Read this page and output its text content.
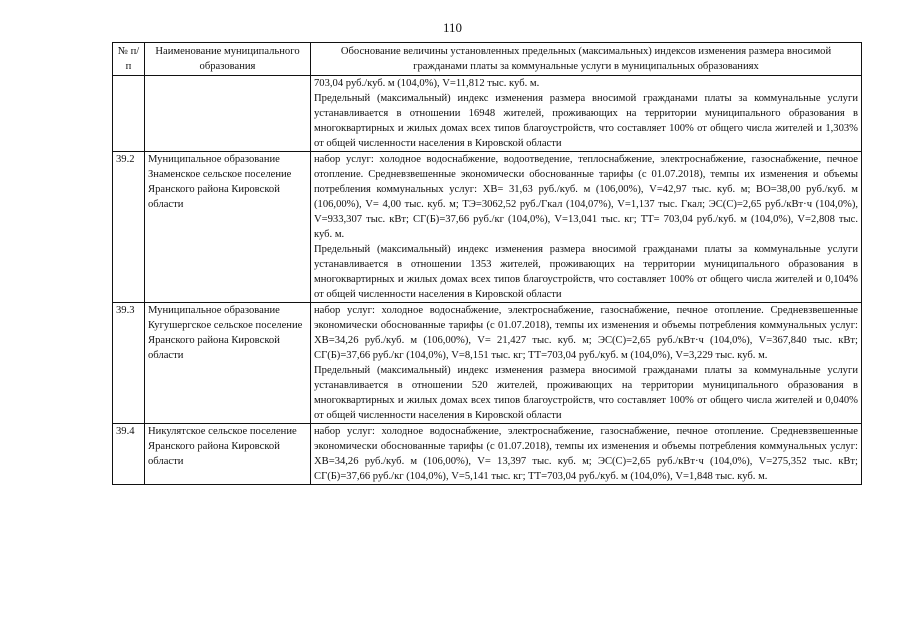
110
№ п/п	Наименование муниципального образования	Обоснование величины установленных предельных (максимальных) индексов изменения размера вносимой гражданами платы за коммунальные услуги в муниципальных образованиях

		703,04 руб./куб. м (104,0%), V=11,812 тыс. куб. м.
Предельный (максимальный) индекс изменения размера вносимой гражданами платы за коммунальные услуги устанавливается в отношении 16948 жителей, проживающих на территории муниципального образования в многоквартирных и жилых домах всех типов благоустройств, что составляет 100% от общего числа жителей и 1,303% от общей численности населения в Кировской области

39.2	Муниципальное образование Знаменское сельское поселение Яранского района Кировской области	набор услуг: холодное водоснабжение, водоотведение, теплоснабжение, электроснабжение, газоснабжение, печное отопление. Средневзвешенные экономически обоснованные тарифы (с 01.07.2018), темпы их изменения и объемы потребления коммунальных услуг: ХВ= 31,63 руб./куб. м (106,00%), V=42,97 тыс. куб. м; ВО=38,00 руб./куб. м (106,00%), V= 4,00 тыс. куб. м; ТЭ=3062,52 руб./Гкал (104,07%), V=1,137 тыс. Гкал; ЭС(С)=2,65 руб./кВт·ч (104,0%), V=933,307 тыс. кВт; СГ(Б)=37,66 руб./кг (104,0%), V=13,041 тыс. кг; ТТ= 703,04 руб./куб. м (104,0%), V=2,808 тыс. куб. м.
Предельный (максимальный) индекс изменения размера вносимой гражданами платы за коммунальные услуги устанавливается в отношении 1353 жителей, проживающих на территории муниципального образования в многоквартирных и жилых домах всех типов благоустройств, что составляет 100% от общего числа жителей и 0,104% от общей численности населения в Кировской области

39.3	Муниципальное образование Кугушергское сельское поселение Яранского района Кировской области	набор услуг: холодное водоснабжение, электроснабжение, газоснабжение, печное отопление. Средневзвешенные экономически обоснованные тарифы (с 01.07.2018), темпы их изменения и объемы потребления коммунальных услуг: ХВ=34,26 руб./куб. м (106,00%), V= 21,427 тыс. куб. м; ЭС(С)=2,65 руб./кВт·ч (104,0%), V=367,840 тыс. кВт; СГ(Б)=37,66 руб./кг (104,0%), V=8,151 тыс. кг; ТТ=703,04 руб./куб. м (104,0%), V=3,229 тыс. куб. м.
Предельный (максимальный) индекс изменения размера вносимой гражданами платы за коммунальные услуги устанавливается в отношении 520 жителей, проживающих на территории муниципального образования в многоквартирных и жилых домах всех типов благоустройств, что составляет 100% от общего числа жителей и 0,040% от общей численности населения в Кировской области

39.4	Никулятское сельское поселение Яранского района Кировской области	набор услуг: холодное водоснабжение, электроснабжение, газоснабжение, печное отопление. Средневзвешенные экономически обоснованные тарифы (с 01.07.2018), темпы их изменения и объемы потребления коммунальных услуг: ХВ=34,26 руб./куб. м (106,00%), V= 13,397 тыс. куб. м; ЭС(С)=2,65 руб./кВт·ч (104,0%), V=275,352 тыс. кВт; СГ(Б)=37,66 руб./кг (104,0%), V=5,141 тыс. кг; ТТ=703,04 руб./куб. м (104,0%), V=1,848 тыс. куб. м.
